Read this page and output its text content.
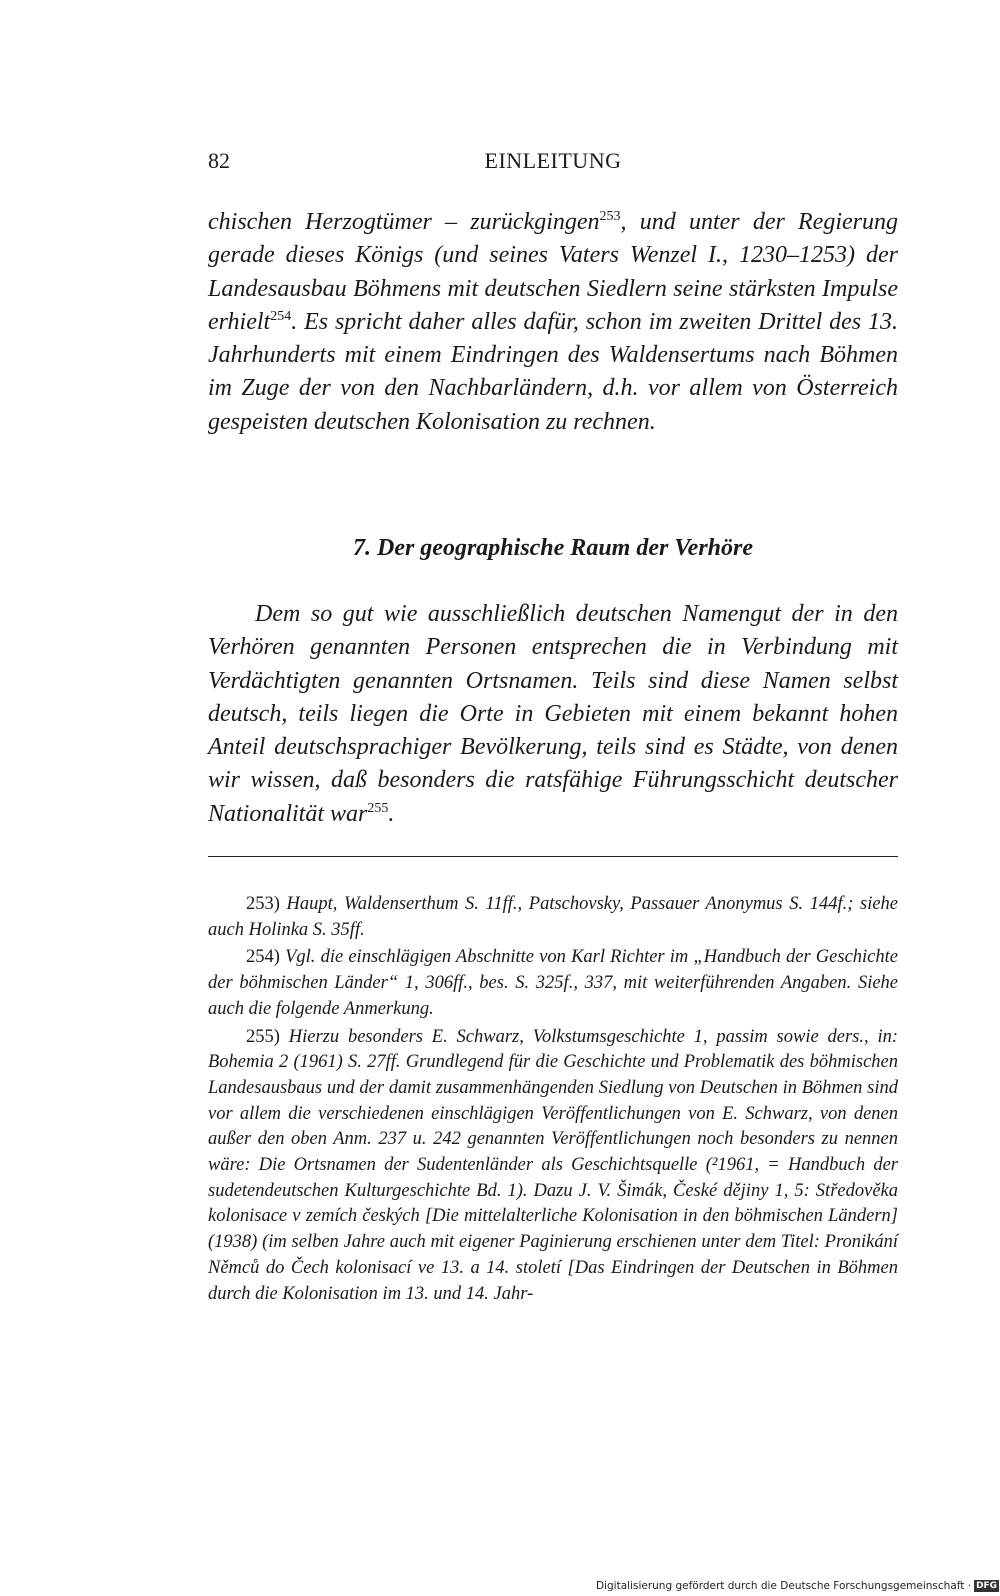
82	EINLEITUNG

chischen Herzogtümer – zurückgingen$^{253}$, und unter der Regierung gerade dieses Königs (und seines Vaters Wenzel I., 1230–1253) der Landesausbau Böhmens mit deutschen Siedlern seine stärksten Impulse erhielt$^{254}$. Es spricht daher alles dafür, schon im zweiten Drittel des 13. Jahrhunderts mit einem Eindringen des Waldensertums nach Böhmen im Zuge der von den Nachbarländern, d.h. vor allem von Österreich gespeisten deutschen Kolonisation zu rechnen.

7. Der geographische Raum der Verhöre

Dem so gut wie ausschließlich deutschen Namengut der in den Verhören genannten Personen entsprechen die in Verbindung mit Verdächtigten genannten Ortsnamen. Teils sind diese Namen selbst deutsch, teils liegen die Orte in Gebieten mit einem bekannt hohen Anteil deutschsprachiger Bevölkerung, teils sind es Städte, von denen wir wissen, daß besonders die ratsfähige Führungsschicht deutscher Nationalität war$^{255}$.

253) Haupt, Waldenserthum S. 11ff., Patschovsky, Passauer Anonymus S. 144f.; siehe auch Holinka S. 35ff.

254) Vgl. die einschlägigen Abschnitte von Karl Richter im „Handbuch der Geschichte der böhmischen Länder“ 1, 306ff., bes. S. 325f., 337, mit weiterführenden Angaben. Siehe auch die folgende Anmerkung.

255) Hierzu besonders E. Schwarz, Volkstumsgeschichte 1, passim sowie ders., in: Bohemia 2 (1961) S. 27ff. Grundlegend für die Geschichte und Problematik des böhmischen Landesausbaus und der damit zusammenhängenden Siedlung von Deutschen in Böhmen sind vor allem die verschiedenen einschlägigen Veröffentlichungen von E. Schwarz, von denen außer den oben Anm. 237 u. 242 genannten Veröffentlichungen noch besonders zu nennen wäre: Die Ortsnamen der Sudentenländer als Geschichtsquelle (²1961, = Handbuch der sudetendeutschen Kulturgeschichte Bd. 1). Dazu J. V. Šimák, České dějiny 1, 5: Středověka kolonisace v zemích českých [Die mittelalterliche Kolonisation in den böhmischen Ländern] (1938) (im selben Jahre auch mit eigener Paginierung erschienen unter dem Titel: Pronikání Němců do Čech kolonisací ve 13. a 14. století [Das Eindringen der Deutschen in Böhmen durch die Kolonisation im 13. und 14. Jahr-

Digitalisierung gefördert durch die Deutsche Forschungsgemeinschaft · DFG
